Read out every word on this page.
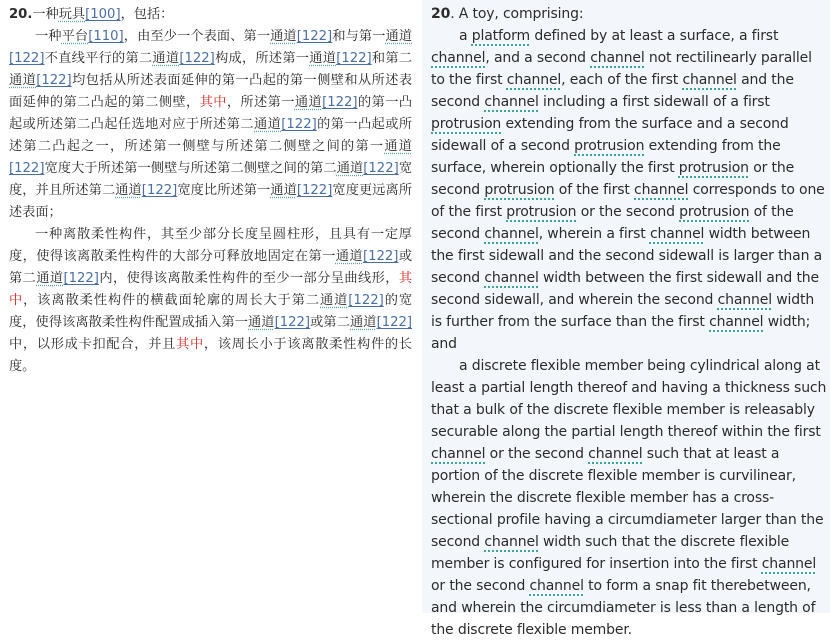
20.一种玩具[100]，包括：

一种平台[110]，由至少一个表面、第一通道[122]和与第一通道[122]不直线平行的第二通道[122]构成，所述第一通道[122]和第二通道[122]均包括从所述表面延伸的第一凸起的第一侧壁和从所述表面延伸的第二凸起的第二侧壁，其中，所述第一通道[122]的第一凸起或所述第二凸起任选地对应于所述第二通道[122]的第一凸起或所述第二凸起之一，所述第一侧壁与所述第二侧壁之间的第一通道[122]宽度大于所述第一侧壁与所述第二侧壁之间的第二通道[122]宽度，并且所述第二通道[122]宽度比所述第一通道[122]宽度更远离所述表面；

一种离散柔性构件，其至少部分长度呈圆柱形，且具有一定厚度，使得该离散柔性构件的大部分可释放地固定在第一通道[122]或第二通道[122]内，使得该离散柔性构件的至少一部分呈曲线形，其中，该离散柔性构件的横截面轮廓的周长大于第二通道[122]的宽度，使得该离散柔性构件配置成插入第一通道[122]或第二通道[122]中，以形成卡扣配合，并且其中，该周长小于该离散柔性构件的长度。

20. A toy, comprising:

a platform defined by at least a surface, a first channel, and a second channel not rectilinearly parallel to the first channel, each of the first channel and the second channel including a first sidewall of a first protrusion extending from the surface and a second sidewall of a second protrusion extending from the surface, wherein optionally the first protrusion or the second protrusion of the first channel corresponds to one of the first protrusion or the second protrusion of the second channel, wherein a first channel width between the first sidewall and the second sidewall is larger than a second channel width between the first sidewall and the second sidewall, and wherein the second channel width is further from the surface than the first channel width; and

a discrete flexible member being cylindrical along at least a partial length thereof and having a thickness such that a bulk of the discrete flexible member is releasably securable along the partial length thereof within the first channel or the second channel such that at least a portion of the discrete flexible member is curvilinear, wherein the discrete flexible member has a cross-sectional profile having a circumdiameter larger than the second channel width such that the discrete flexible member is configured for insertion into the first channel or the second channel to form a snap fit therebetween, and wherein the circumdiameter is less than a length of the discrete flexible member.
